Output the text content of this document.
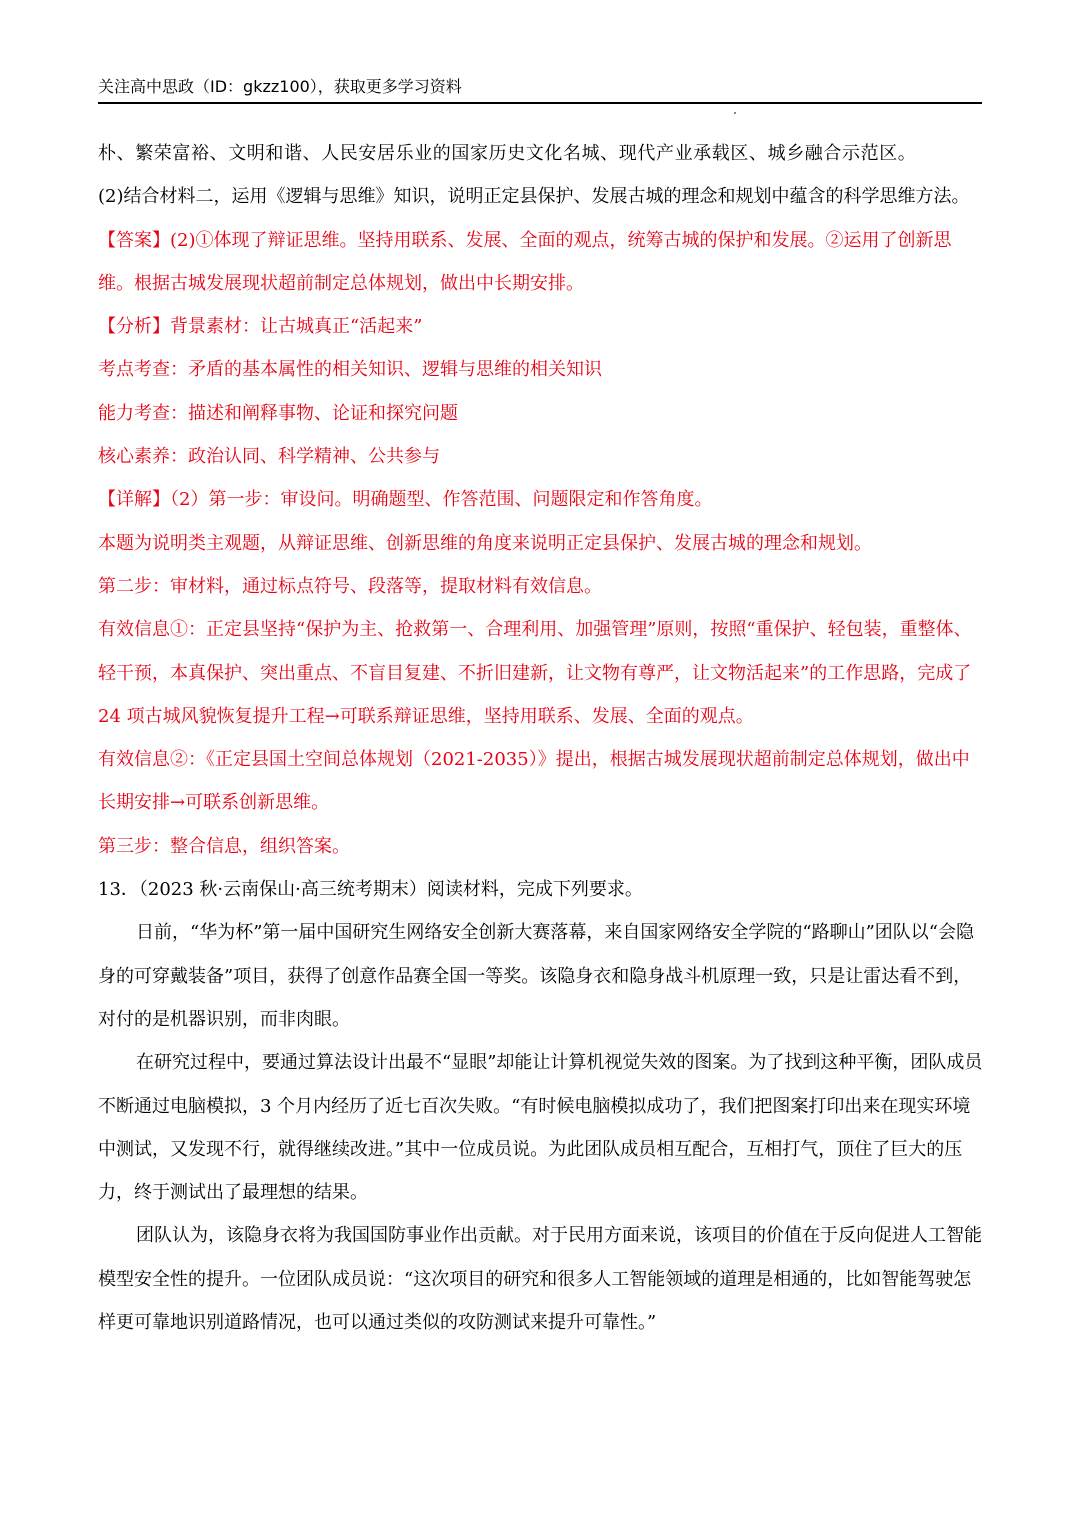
关注高中思政（ID：gkzz100），获取更多学习资料

朴、繁荣富裕、文明和谐、人民安居乐业的国家历史文化名城、现代产业承载区、城乡融合示范区。

(2)结合材料二，运用《逻辑与思维》知识，说明正定县保护、发展古城的理念和规划中蕴含的科学思维方法。

【答案】(2)①体现了辩证思维。坚持用联系、发展、全面的观点，统筹古城的保护和发展。②运用了创新思维。根据古城发展现状超前制定总体规划，做出中长期安排。

【分析】背景素材：让古城真正“活起来”

考点考查：矛盾的基本属性的相关知识、逻辑与思维的相关知识

能力考查：描述和阐释事物、论证和探究问题

核心素养：政治认同、科学精神、公共参与

【详解】（2）第一步：审设问。明确题型、作答范围、问题限定和作答角度。

本题为说明类主观题，从辩证思维、创新思维的角度来说明正定县保护、发展古城的理念和规划。

第二步：审材料，通过标点符号、段落等，提取材料有效信息。

有效信息①：正定县坚持“保护为主、抢救第一、合理利用、加强管理”原则，按照“重保护、轻包装，重整体、轻干预，本真保护、突出重点、不盲目复建、不折旧建新，让文物有尊严，让文物活起来”的工作思路，完成了 24 项古城风貌恢复提升工程→可联系辩证思维，坚持用联系、发展、全面的观点。

有效信息②：《正定县国土空间总体规划（2021-2035）》提出，根据古城发展现状超前制定总体规划，做出中长期安排→可联系创新思维。

第三步：整合信息，组织答案。

13．（2023 秋·云南保山·高三统考期末）阅读材料，完成下列要求。

日前，“华为杯”第一届中国研究生网络安全创新大赛落幕，来自国家网络安全学院的“路聊山”团队以“会隐身的可穿戴装备”项目，获得了创意作品赛全国一等奖。该隐身衣和隐身战斗机原理一致，只是让雷达看不到，对付的是机器识别，而非肉眼。

在研究过程中，要通过算法设计出最不“显眼”却能让计算机视觉失效的图案。为了找到这种平衡，团队成员不断通过电脑模拟，3 个月内经历了近七百次失败。“有时候电脑模拟成功了，我们把图案打印出来在现实环境中测试，又发现不行，就得继续改进。”其中一位成员说。为此团队成员相互配合，互相打气，顶住了巨大的压力，终于测试出了最理想的结果。

团队认为，该隐身衣将为我国国防事业作出贡献。对于民用方面来说，该项目的价值在于反向促进人工智能模型安全性的提升。一位团队成员说：“这次项目的研究和很多人工智能领域的道理是相通的，比如智能驾驶怎样更可靠地识别道路情况，也可以通过类似的攻防测试来提升可靠性。”
